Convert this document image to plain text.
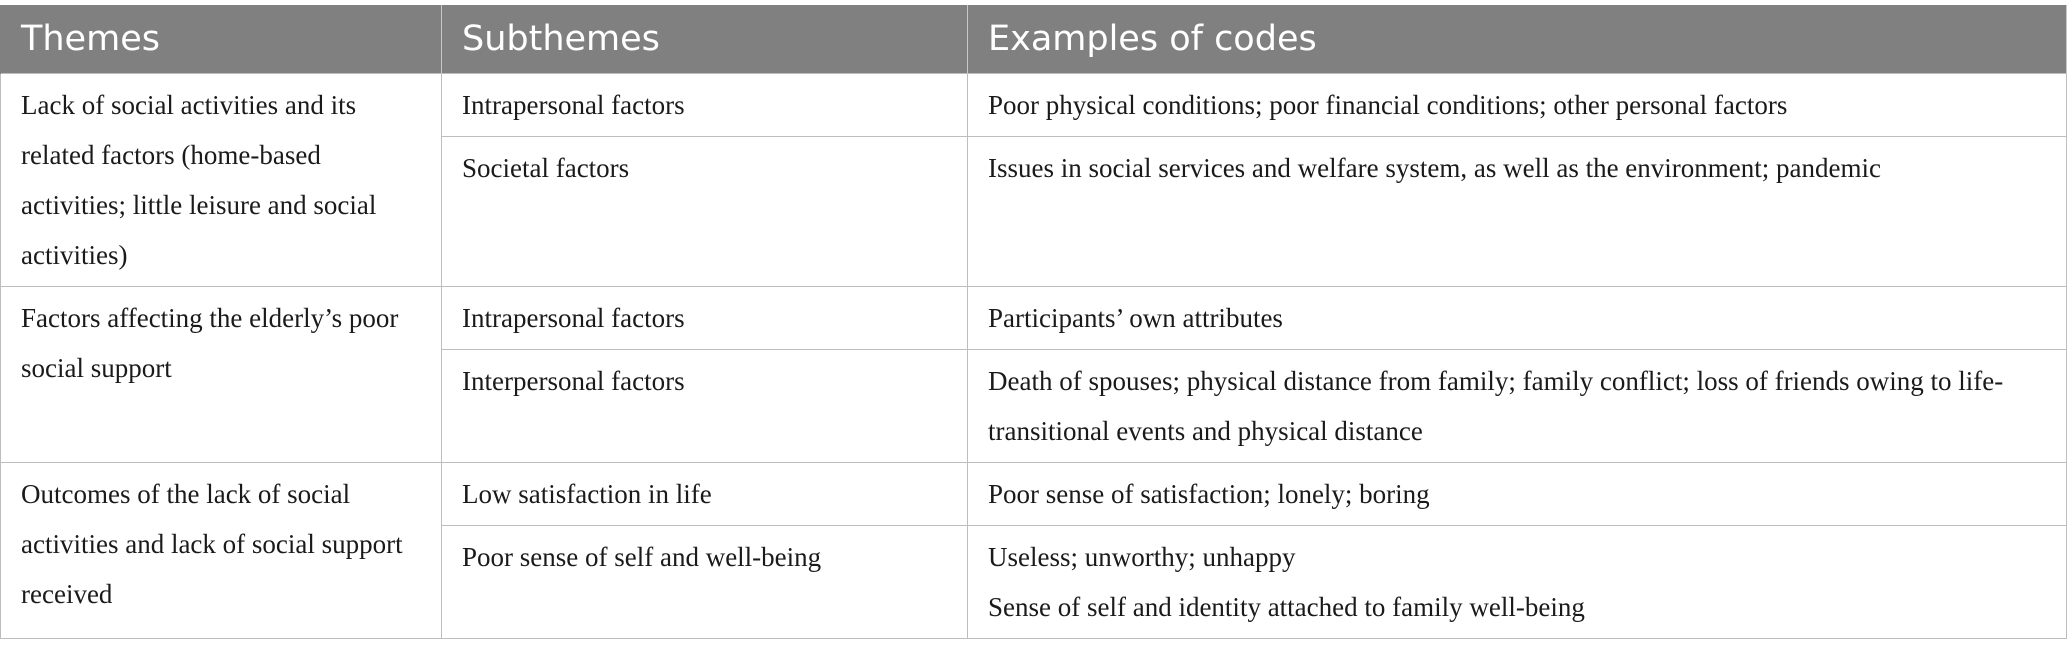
Themes	Subthemes	Examples of codes
Lack of social activities and its related factors (home-based activities; little leisure and social activities)	Intrapersonal factors	Poor physical conditions; poor financial conditions; other personal factors

	Societal factors	Issues in social services and welfare system, as well as the environment; pandemic

Factors affecting the elderly’s poor social support	Intrapersonal factors	Participants’ own attributes

	Interpersonal factors	Death of spouses; physical distance from family; family conflict; loss of friends owing to life-transitional events and physical distance

Outcomes of the lack of social activities and lack of social support received	Low satisfaction in life	Poor sense of satisfaction; lonely; boring

	Poor sense of self and well-being	Useless; unworthy; unhappy
Sense of self and identity attached to family well-being
